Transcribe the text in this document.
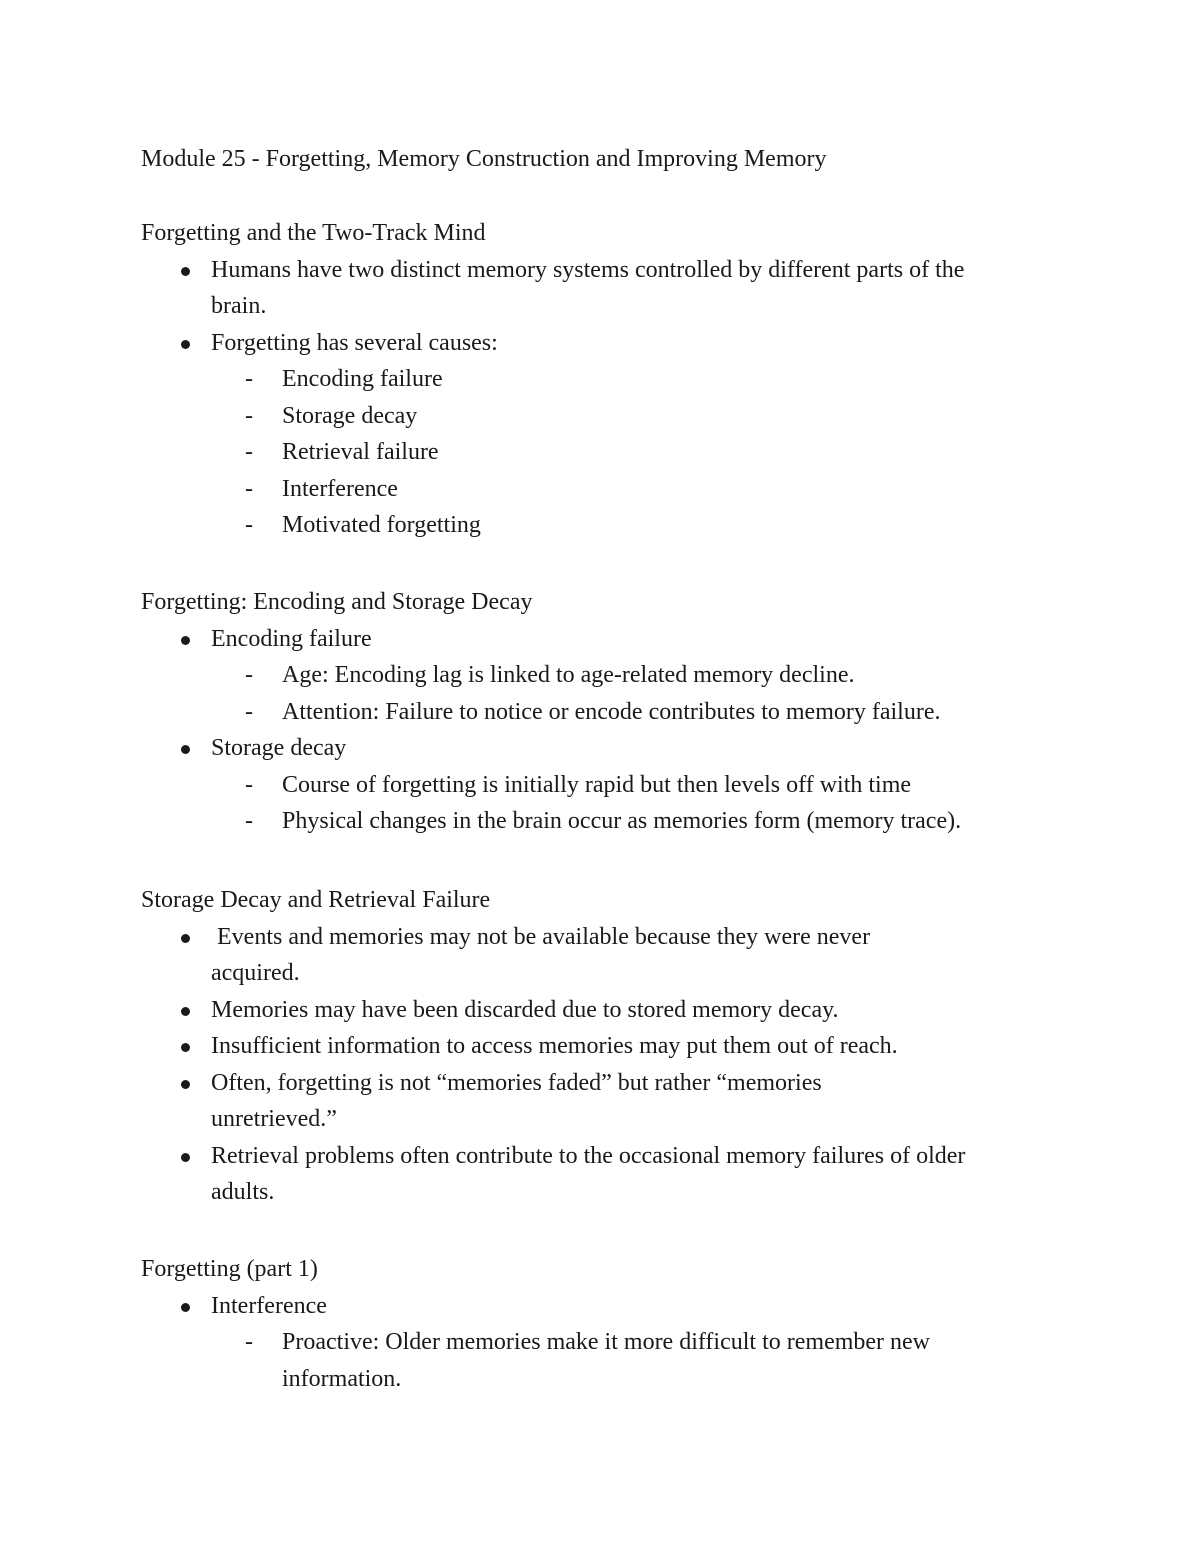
Module 25 - Forgetting, Memory Construction and Improving Memory

Forgetting and the Two-Track Mind

Humans have two distinct memory systems controlled by different parts of the brain.
Forgetting has several causes:
- Encoding failure
- Storage decay
- Retrieval failure
- Interference
- Motivated forgetting

Forgetting: Encoding and Storage Decay

Encoding failure
- Age: Encoding lag is linked to age-related memory decline.
- Attention: Failure to notice or encode contributes to memory failure.
Storage decay
- Course of forgetting is initially rapid but then levels off with time
- Physical changes in the brain occur as memories form (memory trace).

Storage Decay and Retrieval Failure

Events and memories may not be available because they were never acquired.
Memories may have been discarded due to stored memory decay.
Insufficient information to access memories may put them out of reach.
Often, forgetting is not “memories faded” but rather “memories unretrieved.”
Retrieval problems often contribute to the occasional memory failures of older adults.

Forgetting (part 1)

Interference
- Proactive: Older memories make it more difficult to remember new information.
